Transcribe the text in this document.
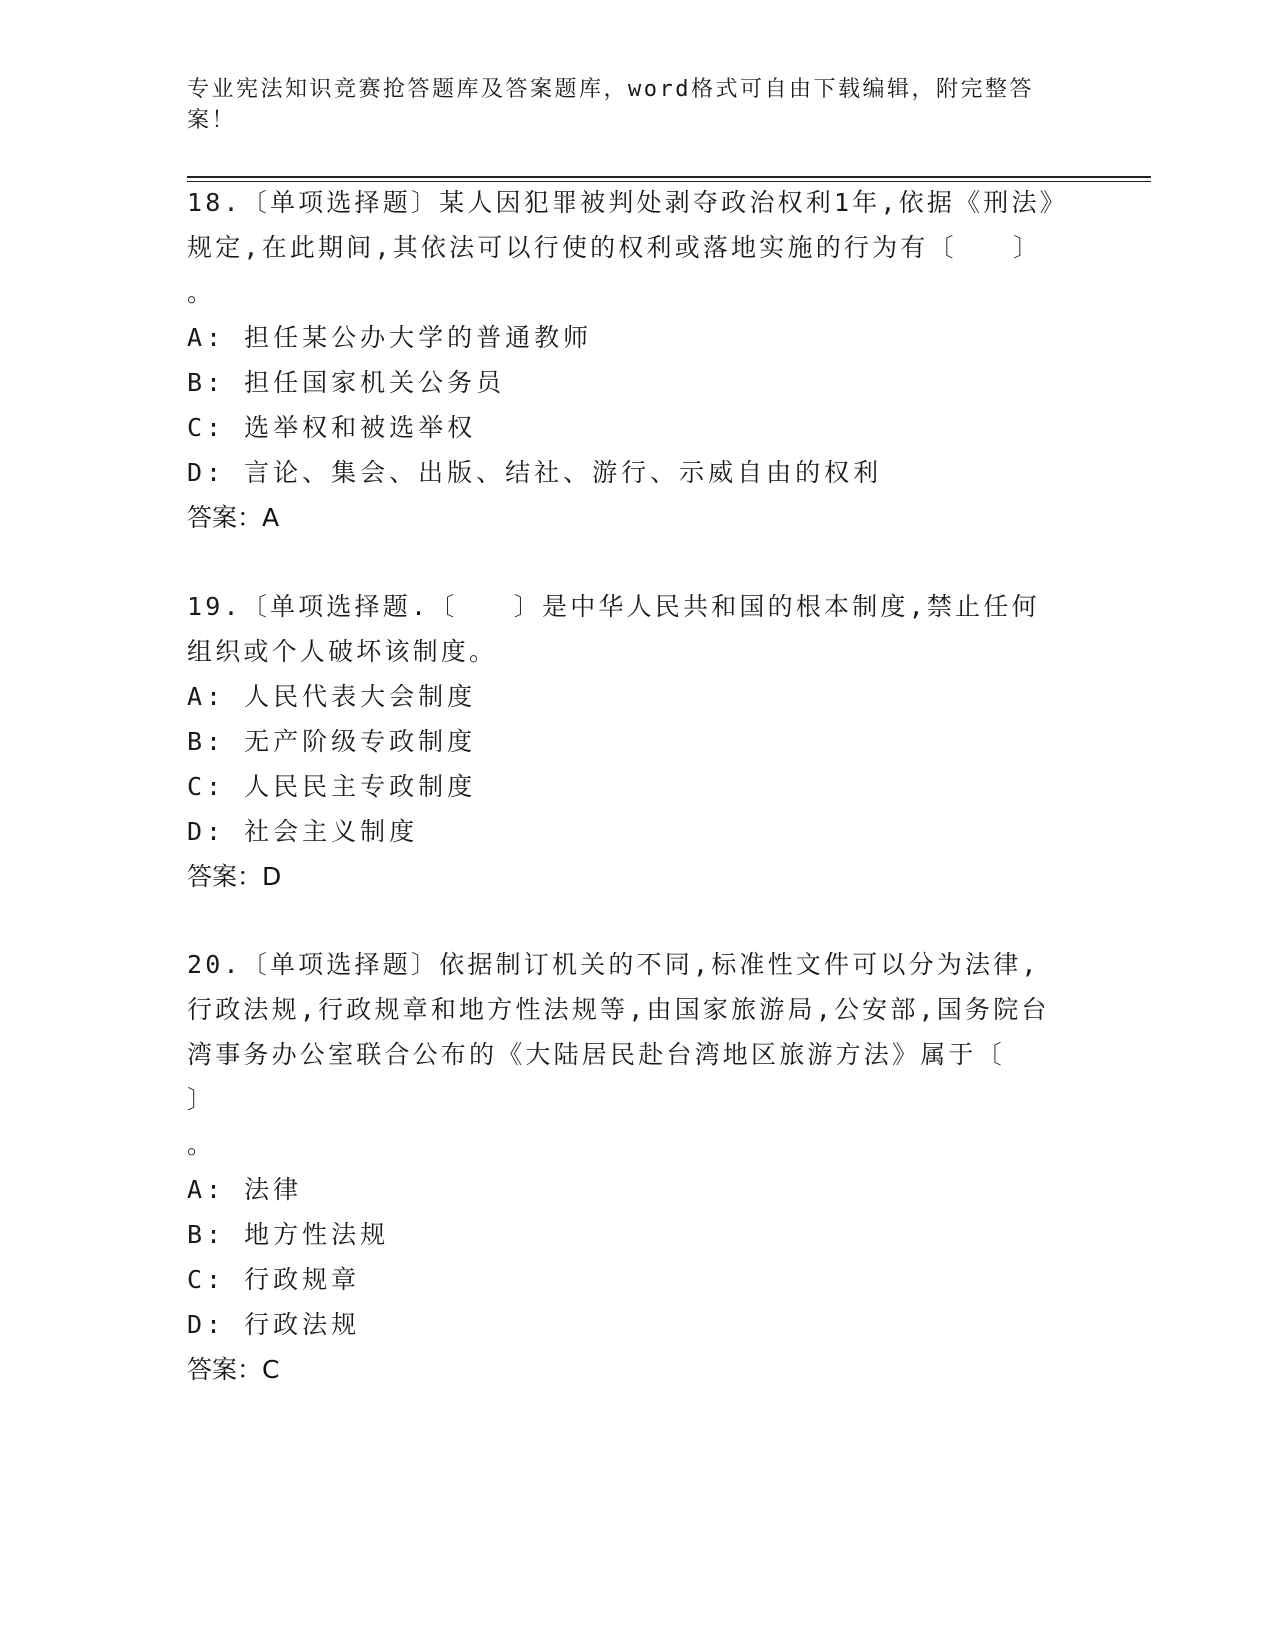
专业宪法知识竞赛抢答题库及答案题库，word格式可自由下载编辑，附完整答案！

18.〔单项选择题〕某人因犯罪被判处剥夺政治权利1年,依据《刑法》规定,在此期间,其依法可以行使的权利或落地实施的行为有〔　　〕

。

A: 担任某公办大学的普通教师

B: 担任国家机关公务员

C: 选举权和被选举权

D: 言论、集会、出版、结社、游行、示威自由的权利

答案：A

19.〔单项选择题.〔　　〕是中华人民共和国的根本制度,禁止任何组织或个人破坏该制度。

A: 人民代表大会制度

B: 无产阶级专政制度

C: 人民民主专政制度

D: 社会主义制度

答案：D

20.〔单项选择题〕依据制订机关的不同,标准性文件可以分为法律,行政法规,行政规章和地方性法规等,由国家旅游局,公安部,国务院台湾事务办公室联合公布的《大陆居民赴台湾地区旅游方法》属于〔　　〕

。

A: 法律

B: 地方性法规

C: 行政规章

D: 行政法规

答案：C
